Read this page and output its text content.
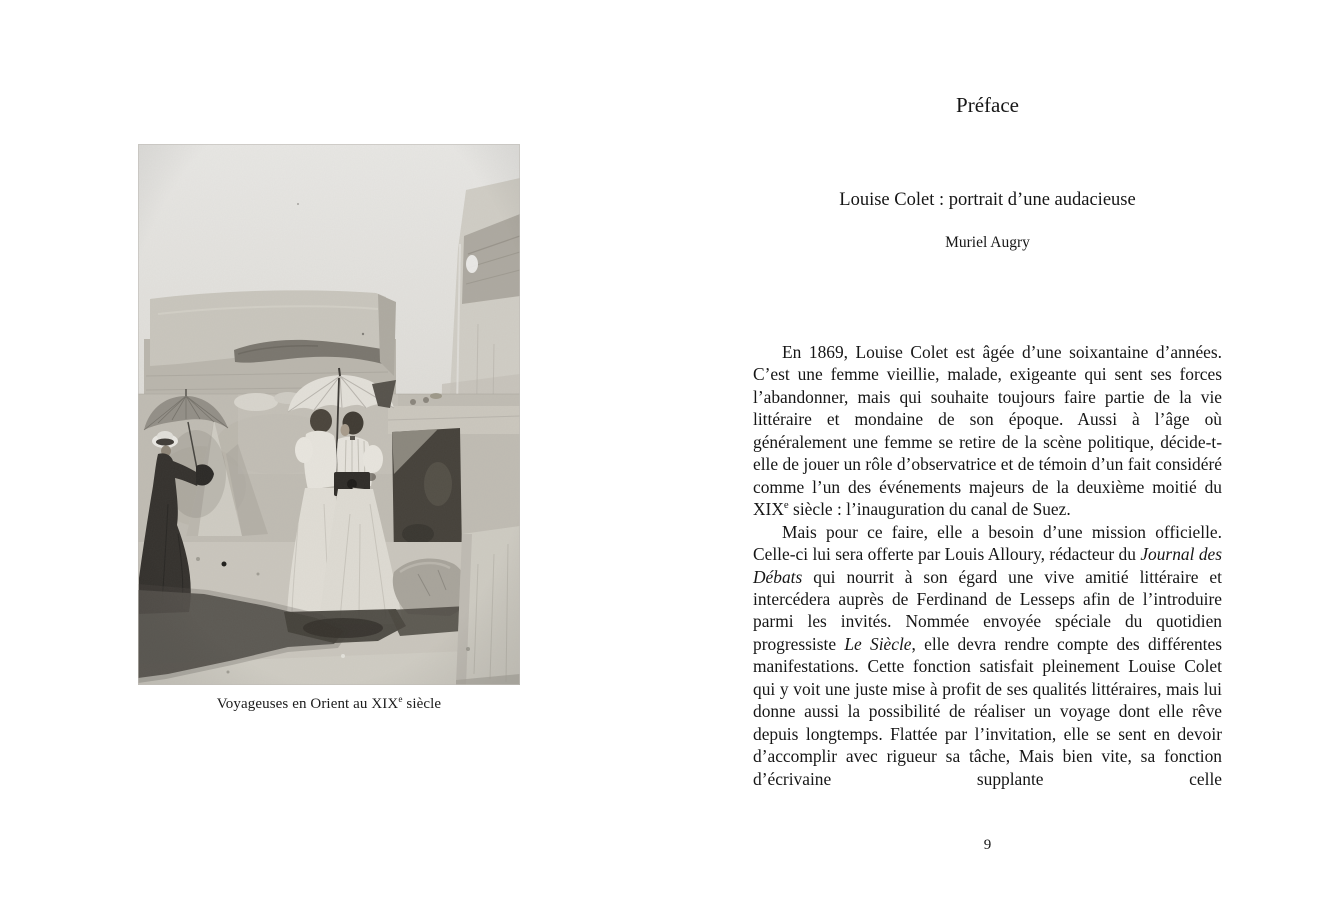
Voyageuses en Orient au XIXe siècle
Préface
Louise Colet : portrait d’une audacieuse
Muriel Augry

En 1869, Louise Colet est âgée d’une soixantaine d’années. C’est une femme vieillie, malade, exigeante qui sent ses forces l’abandonner, mais qui souhaite toujours faire partie de la vie littéraire et mondaine de son époque. Aussi à l’âge où généralement une femme se retire de la scène politique, décide-t-elle de jouer un rôle d’observatrice et de témoin d’un fait considéré comme l’un des événements majeurs de la deuxième moitié du XIXe siècle : l’inauguration du canal de Suez.

Mais pour ce faire, elle a besoin d’une mission officielle. Celle-ci lui sera offerte par Louis Alloury, rédacteur du Journal des Débats qui nourrit à son égard une vive amitié littéraire et intercédera auprès de Ferdinand de Lesseps afin de l’introduire parmi les invités. Nommée envoyée spéciale du quotidien progressiste Le Siècle, elle devra rendre compte des différentes manifestations. Cette fonction satisfait pleinement Louise Colet qui y voit une juste mise à profit de ses qualités littéraires, mais lui donne aussi la possibilité de réaliser un voyage dont elle rêve depuis longtemps. Flattée par l’invitation, elle se sent en devoir d’accomplir avec rigueur sa tâche, Mais bien vite, sa fonction d’écrivaine supplante celle

9
